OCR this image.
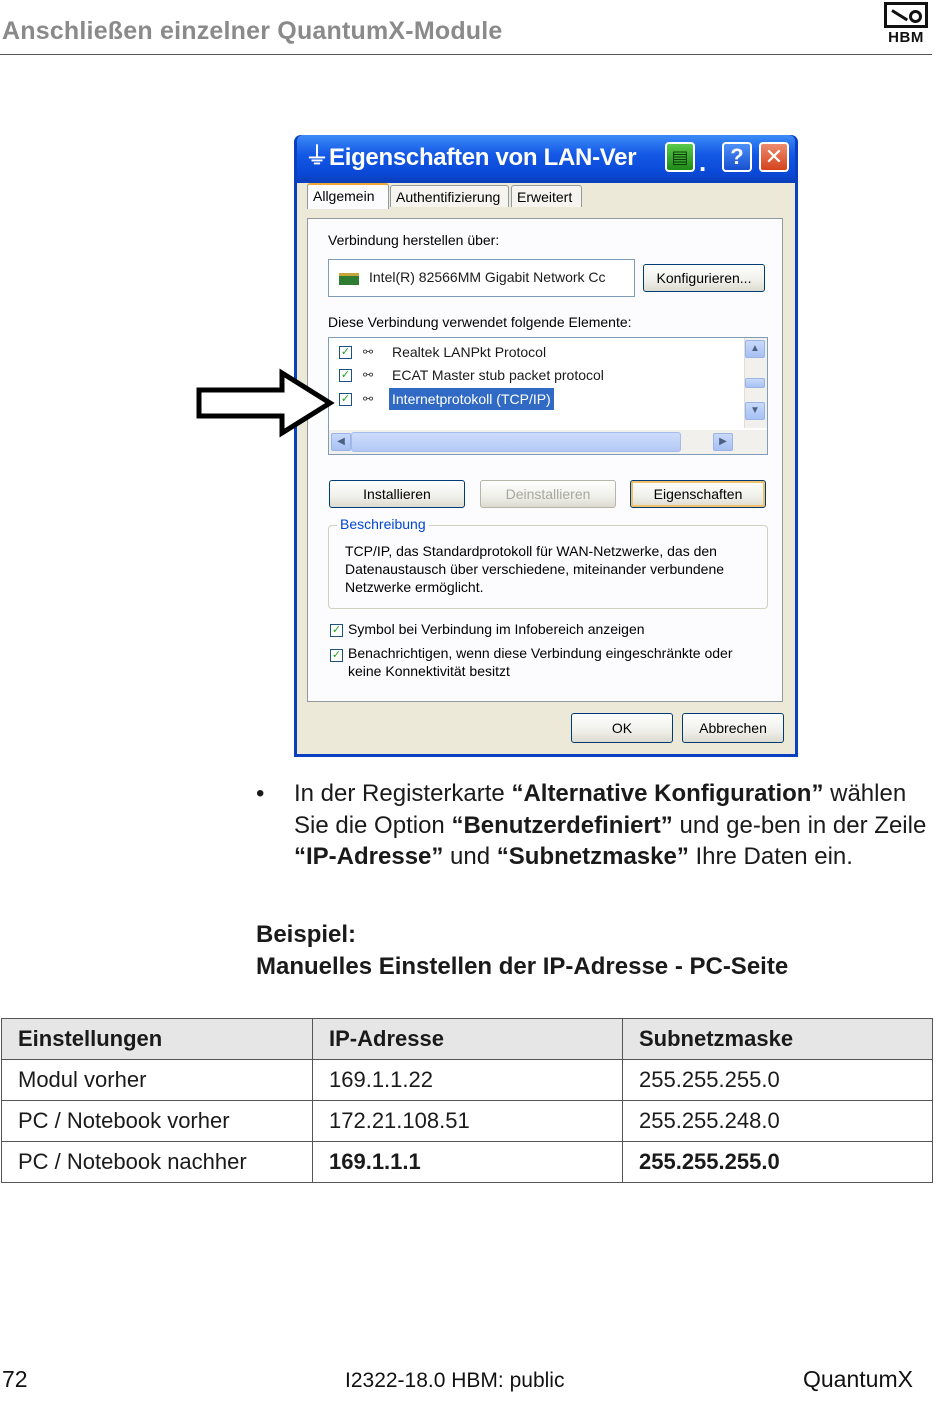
Anschließen einzelner QuantumX-Module	HBM
⏚ Eigenschaften von LAN-Ver	▤ .	? ✕
Allgemein	Authentifizierung	Erweitert
Verbindung herstellen über:
Intel(R) 82566MM Gigabit Network Cc	Konfigurieren...
Diese Verbindung verwendet folgende Elemente:
✓ ⚯	Realtek LANPkt Protocol
✓ ⚯	ECAT Master stub packet protocol
✓ ⚯	Internetprotokoll (TCP/IP)
▲
▼
◀	▶
Installieren	Deinstallieren	Eigenschaften
Beschreibung
TCP/IP, das Standardprotokoll für WAN-Netzwerke, das den Datenaustausch über verschiedene, miteinander verbundene Netzwerke ermöglicht.
✓ Symbol bei Verbindung im Infobereich anzeigen
✓ Benachrichtigen, wenn diese Verbindung eingeschränkte oder
keine Konnektivität besitzt
OK	Abbrechen
• In der Registerkarte “Alternative Konfiguration” wählen Sie die Option “Benutzerdefiniert” und ge-ben in der Zeile “IP-Adresse” und “Subnetzmaske” Ihre Daten ein.
Beispiel:
Manuelles Einstellen der IP-Adresse - PC-Seite
Einstellungen	IP-Adresse	Subnetzmaske
Modul vorher	169.1.1.22	255.255.255.0
PC / Notebook vorher	172.21.108.51	255.255.248.0
PC / Notebook nachher	169.1.1.1	255.255.255.0
72	I2322-18.0 HBM: public	QuantumX
